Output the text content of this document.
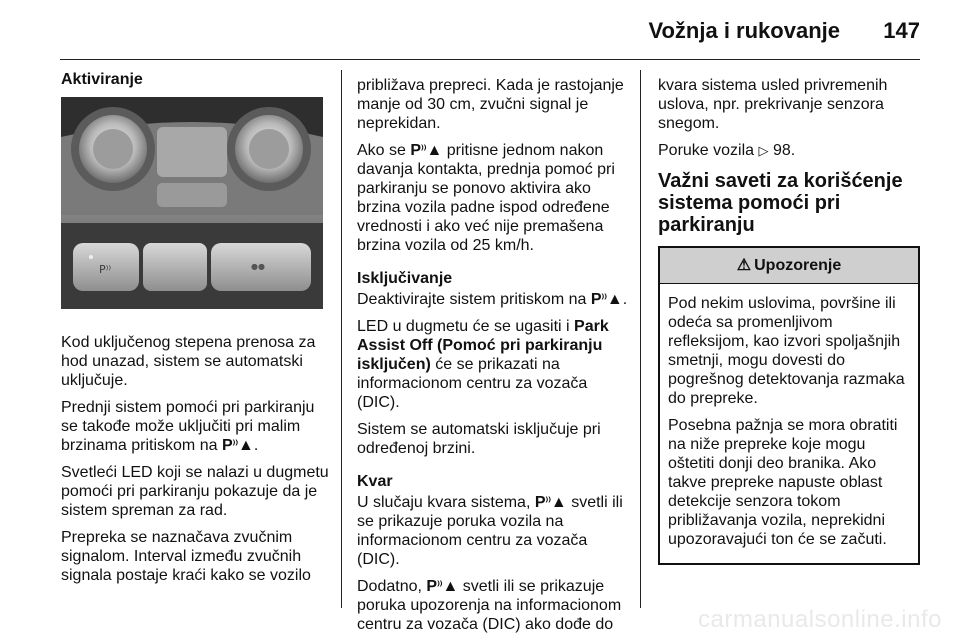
Vožnja i rukovanje 147
Aktiviranje
P⁾⁾	●●

Kod uključenog stepena prenosa za hod unazad, sistem se automatski uključuje.

Prednji sistem pomoći pri parkiranju se takođe može uključiti pri malim brzinama pritiskom na P⁾⁾▲.

Svetleći LED koji se nalazi u dugmetu pomoći pri parkiranju pokazuje da je sistem spreman za rad.

Prepreka se naznačava zvučnim signalom. Interval između zvučnih signala postaje kraći kako se vozilo

približava prepreci. Kada je rastojanje manje od 30 cm, zvučni signal je neprekidan.

Ako se P⁾⁾▲ pritisne jednom nakon davanja kontakta, prednja pomoć pri parkiranju se ponovo aktivira ako brzina vozila padne ispod određene vrednosti i ako već nije premašena brzina vozila od 25 km/h.

Isključivanje

Deaktivirajte sistem pritiskom na P⁾⁾▲.

LED u dugmetu će se ugasiti i Park Assist Off (Pomoć pri parkiranju isključen) će se prikazati na informacionom centru za vozača (DIC).

Sistem se automatski isključuje pri određenoj brzini.

Kvar

U slučaju kvara sistema, P⁾⁾▲ svetli ili se prikazuje poruka vozila na informacionom centru za vozača (DIC).

Dodatno, P⁾⁾▲ svetli ili se prikazuje poruka upozorenja na informacionom centru za vozača (DIC) ako dođe do

kvara sistema usled privremenih uslova, npr. prekrivanje senzora snegom.

Poruke vozila ▷ 98.

Važni saveti za korišćenje sistema pomoći pri parkiranju
⚠ Upozorenje

Pod nekim uslovima, površine ili odeća sa promenljivom refleksijom, kao izvori spoljašnjih smetnji, mogu dovesti do pogrešnog detektovanja razmaka do prepreke.

Posebna pažnja se mora obratiti na niže prepreke koje mogu oštetiti donji deo branika. Ako takve prepreke napuste oblast detekcije senzora tokom približavanja vozila, neprekidni upozoravajući ton će se začuti.

carmanualsonline.info
